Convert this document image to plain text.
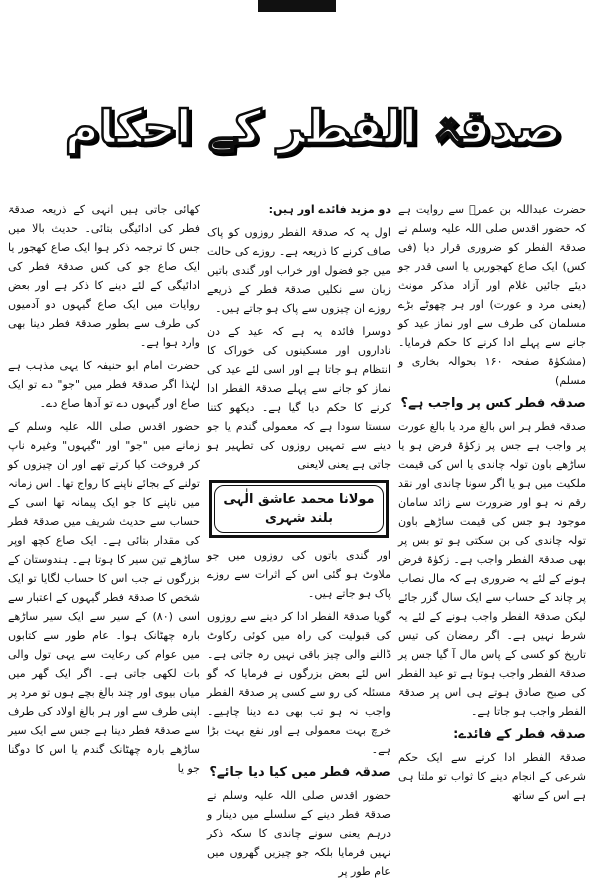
صدقۃ الفطر کے احکام

حضرت عبداللہ بن عمرؓ سے روایت ہے کہ حضور اقدس صلی اللہ علیہ وسلم نے صدقۃ الفطر کو ضروری قرار دیا (فی کس) ایک صاع کھجوریں یا اسی قدر جو دیئے جائیں غلام اور آزاد مذکر مونث (یعنی مرد و عورت) اور ہر چھوٹے بڑے مسلمان کی طرف سے اور نماز عید کو جانے سے پہلے ادا کرنے کا حکم فرمایا۔ (مشکوٰۃ صفحہ ۱۶۰ بحوالہ بخاری و مسلم)

صدقہ فطر کس پر واجب ہے؟

صدقہ فطر ہر اس بالغ مرد یا بالغ عورت پر واجب ہے جس پر زکوٰۃ فرض ہو یا ساڑھے باون تولہ چاندی یا اس کی قیمت ملکیت میں ہو یا اگر سونا چاندی اور نقد رقم نہ ہو اور ضرورت سے زائد سامان موجود ہو جس کی قیمت ساڑھے باون تولہ چاندی کی بن سکتی ہو تو بس پر بھی صدقۃ الفطر واجب ہے۔ زکوٰۃ فرض ہونے کے لئے یہ ضروری ہے کہ مال نصاب پر چاند کے حساب سے ایک سال گزر جائے لیکن صدقۃ الفطر واجب ہونے کے لئے یہ شرط نہیں ہے۔ اگر رمضان کی تیس تاریخ کو کسی کے پاس مال آ گیا جس پر صدقۃ الفطر واجب ہوتا ہے تو عید الفطر کی صبح صادق ہوتے ہی اس پر صدقۃ الفطر واجب ہو جاتا ہے۔

صدقہ فطر کے فائدے:

صدقۃ الفطر ادا کرنے سے ایک حکم شرعی کے انجام دینے کا ثواب تو ملتا ہی ہے اس کے ساتھ

دو مزید فائدے اور ہیں:

اول یہ کہ صدقۃ الفطر روزوں کو پاک صاف کرنے کا ذریعہ ہے۔ روزے کی حالت میں جو فضول اور خراب اور گندی باتیں زبان سے نکلیں صدقۃ فطر کے ذریعے روزے ان چیزوں سے پاک ہو جاتے ہیں۔

دوسرا فائدہ یہ ہے کہ عید کے دن ناداروں اور مسکینوں کی خوراک کا انتظام ہو جاتا ہے اور اسی لئے عید کی نماز کو جانے سے پہلے صدقۃ الفطر ادا کرنے کا حکم دیا گیا ہے۔ دیکھو کتنا سستا سودا ہے کہ معمولی گندم یا جو دینے سے تمہیں روزوں کی تطہیر ہو جاتی ہے یعنی لایعنی

مولانا محمد عاشق الٰہی بلند شہری

اور گندی باتوں کی روزوں میں جو ملاوٹ ہو گئی اس کے اثرات سے روزے پاک ہو جاتے ہیں۔

گویا صدقۃ الفطر ادا کر دینے سے روزوں کی قبولیت کی راہ میں کوئی رکاوٹ ڈالنے والی چیز باقی نہیں رہ جاتی ہے۔ اس لئے بعض بزرگوں نے فرمایا کہ گو مسئلہ کی رو سے کسی پر صدقۃ الفطر واجب نہ ہو تب بھی دے دینا چاہیے۔ خرچ بہت معمولی ہے اور نفع بہت بڑا ہے۔

صدقہ فطر میں کیا دیا جائے؟

حضور اقدس صلی اللہ علیہ وسلم نے صدقۃ فطر دینے کے سلسلے میں دینار و درہم یعنی سونے چاندی کا سکہ ذکر نہیں فرمایا بلکہ جو چیزیں گھروں میں عام طور پر

کھائی جاتی ہیں انہی کے ذریعہ صدقۃ فطر کی ادائیگی بتائی۔ حدیث بالا میں جس کا ترجمہ ذکر ہوا ایک صاع کھجور یا ایک صاع جو کی کس صدقۃ فطر کی ادائیگی کے لئے دینے کا ذکر ہے اور بعض روایات میں ایک صاع گیہوں دو آدمیوں کی طرف سے بطور صدقۃ فطر دینا بھی وارد ہوا ہے۔

حضرت امام ابو حنیفہ کا یہی مذہب ہے لہٰذا اگر صدقۃ فطر میں "جو" دے تو ایک صاع اور گیہوں دے تو آدھا صاع دے۔

حضور اقدس صلی اللہ علیہ وسلم کے زمانے میں "جو" اور "گیہوں" وغیرہ ناپ کر فروخت کیا کرتے تھے اور ان چیزوں کو تولنے کے بجائے ناپنے کا رواج تھا۔ اس زمانہ میں ناپنے کا جو ایک پیمانہ تھا اسی کے حساب سے حدیث شریف میں صدقۃ فطر کی مقدار بتائی ہے۔ ایک صاع کچھ اوپر ساڑھے تین سیر کا ہوتا ہے۔ ہندوستان کے بزرگوں نے جب اس کا حساب لگایا تو ایک شخص کا صدقۃ فطر گیہوں کے اعتبار سے اسی (۸۰) کے سیر سے ایک سیر ساڑھے بارہ چھٹانک ہوا۔ عام طور سے کتابوں میں عوام کی رعایت سے یہی تول والی بات لکھی جاتی ہے۔ اگر ایک گھر میں میاں بیوی اور چند بالغ بچے ہوں تو مرد پر اپنی طرف سے اور ہر بالغ اولاد کی طرف سے صدقۃ فطر دینا ہے جس سے ایک سیر ساڑھے بارہ چھٹانک گندم یا اس کا دوگنا جو یا
